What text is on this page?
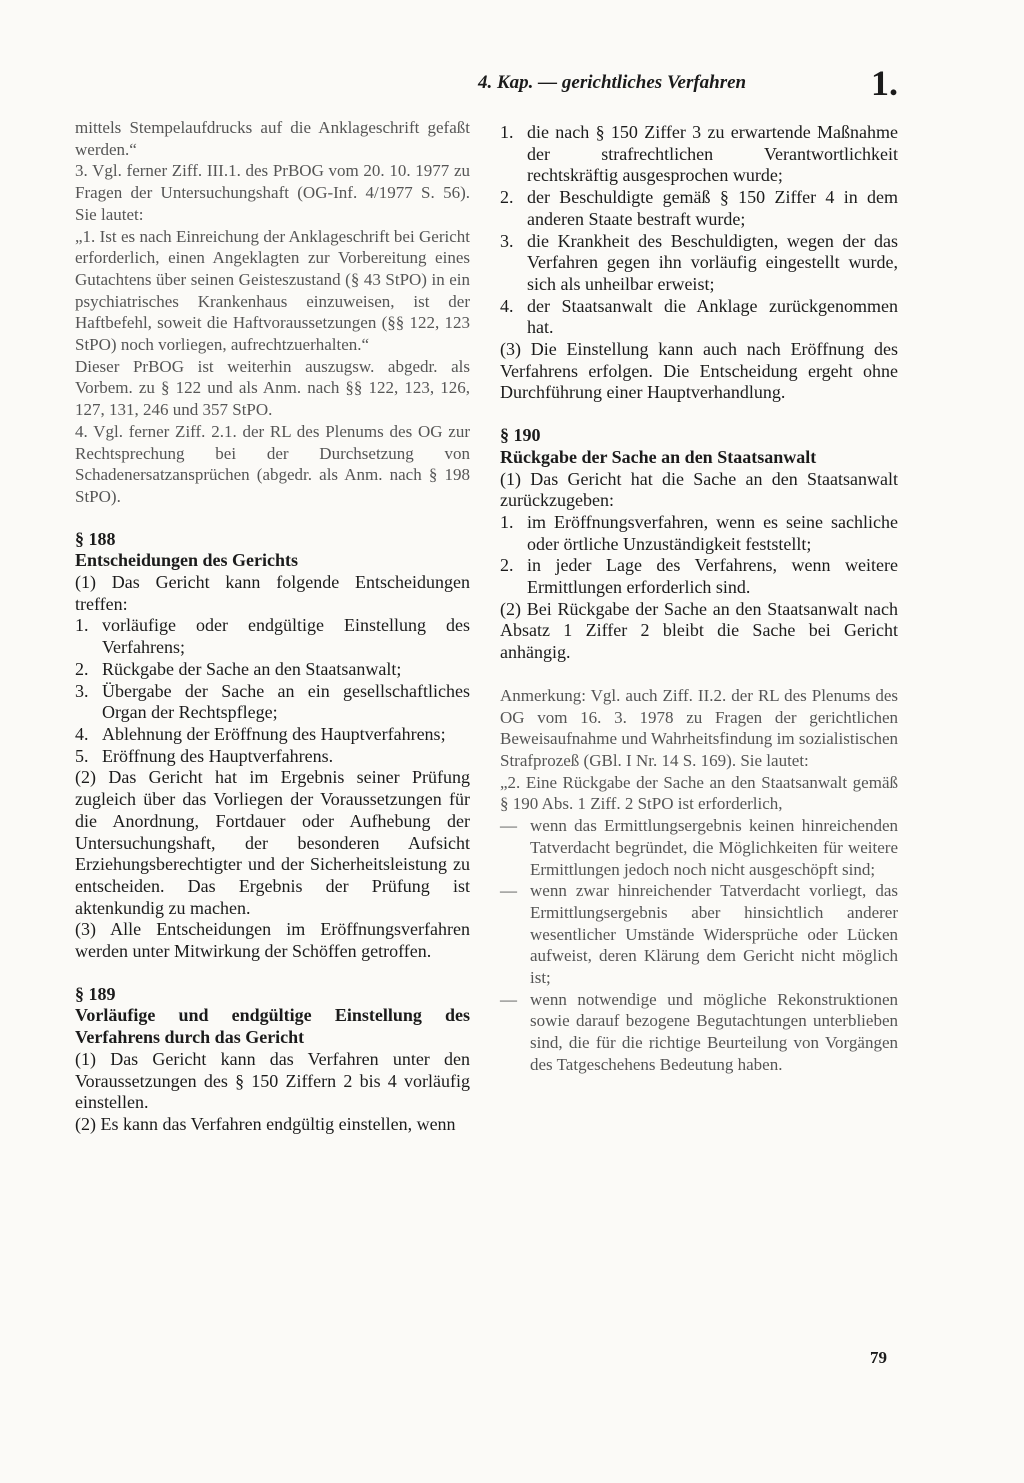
4. Kap. — gerichtliches Verfahren	1.

mittels Stempelaufdrucks auf die Anklageschrift gefaßt werden.“

3. Vgl. ferner Ziff. III.1. des PrBOG vom 20. 10. 1977 zu Fragen der Untersuchungshaft (OG-Inf. 4/1977 S. 56). Sie lautet:

„1. Ist es nach Einreichung der Anklageschrift bei Gericht erforderlich, einen Angeklagten zur Vorbereitung eines Gutachtens über seinen Geisteszustand (§ 43 StPO) in ein psychiatrisches Krankenhaus einzuweisen, ist der Haftbefehl, soweit die Haftvoraussetzungen (§§ 122, 123 StPO) noch vorliegen, aufrechtzuerhalten.“

Dieser PrBOG ist weiterhin auszugsw. abgedr. als Vorbem. zu § 122 und als Anm. nach §§ 122, 123, 126, 127, 131, 246 und 357 StPO.

4. Vgl. ferner Ziff. 2.1. der RL des Plenums des OG zur Rechtsprechung bei der Durchsetzung von Schadenersatzansprüchen (abgedr. als Anm. nach § 198 StPO).

§ 188

Entscheidungen des Gerichts

(1) Das Gericht kann folgende Entscheidungen treffen:

1. vorläufige oder endgültige Einstellung des Verfahrens;
2. Rückgabe der Sache an den Staatsanwalt;
3. Übergabe der Sache an ein gesellschaftliches Organ der Rechtspflege;
4. Ablehnung der Eröffnung des Hauptverfahrens;
5. Eröffnung des Hauptverfahrens.

(2) Das Gericht hat im Ergebnis seiner Prüfung zugleich über das Vorliegen der Voraussetzungen für die Anordnung, Fortdauer oder Aufhebung der Untersuchungshaft, der besonderen Aufsicht Erziehungsberechtigter und der Sicherheitsleistung zu entscheiden. Das Ergebnis der Prüfung ist aktenkundig zu machen.

(3) Alle Entscheidungen im Eröffnungsverfahren werden unter Mitwirkung der Schöffen getroffen.

§ 189

Vorläufige und endgültige Einstellung des Verfahrens durch das Gericht

(1) Das Gericht kann das Verfahren unter den Voraussetzungen des § 150 Ziffern 2 bis 4 vorläufig einstellen.

(2) Es kann das Verfahren endgültig einstellen, wenn

1. die nach § 150 Ziffer 3 zu erwartende Maßnahme der strafrechtlichen Verantwortlichkeit rechtskräftig ausgesprochen wurde;
2. der Beschuldigte gemäß § 150 Ziffer 4 in dem anderen Staate bestraft wurde;
3. die Krankheit des Beschuldigten, wegen der das Verfahren gegen ihn vorläufig eingestellt wurde, sich als unheilbar erweist;
4. der Staatsanwalt die Anklage zurückgenommen hat.

(3) Die Einstellung kann auch nach Eröffnung des Verfahrens erfolgen. Die Entscheidung ergeht ohne Durchführung einer Hauptverhandlung.

§ 190

Rückgabe der Sache an den Staatsanwalt

(1) Das Gericht hat die Sache an den Staatsanwalt zurückzugeben:

1. im Eröffnungsverfahren, wenn es seine sachliche oder örtliche Unzuständigkeit feststellt;
2. in jeder Lage des Verfahrens, wenn weitere Ermittlungen erforderlich sind.

(2) Bei Rückgabe der Sache an den Staatsanwalt nach Absatz 1 Ziffer 2 bleibt die Sache bei Gericht anhängig.

Anmerkung: Vgl. auch Ziff. II.2. der RL des Plenums des OG vom 16. 3. 1978 zu Fragen der gerichtlichen Beweisaufnahme und Wahrheitsfindung im sozialistischen Strafprozeß (GBl. I Nr. 14 S. 169). Sie lautet:

„2. Eine Rückgabe der Sache an den Staatsanwalt gemäß § 190 Abs. 1 Ziff. 2 StPO ist erforderlich,

— wenn das Ermittlungsergebnis keinen hinreichenden Tatverdacht begründet, die Möglichkeiten für weitere Ermittlungen jedoch noch nicht ausgeschöpft sind;
— wenn zwar hinreichender Tatverdacht vorliegt, das Ermittlungsergebnis aber hinsichtlich anderer wesentlicher Umstände Widersprüche oder Lücken aufweist, deren Klärung dem Gericht nicht möglich ist;
— wenn notwendige und mögliche Rekonstruktionen sowie darauf bezogene Begutachtungen unterblieben sind, die für die richtige Beurteilung von Vorgängen des Tatgeschehens Bedeutung haben.
79
